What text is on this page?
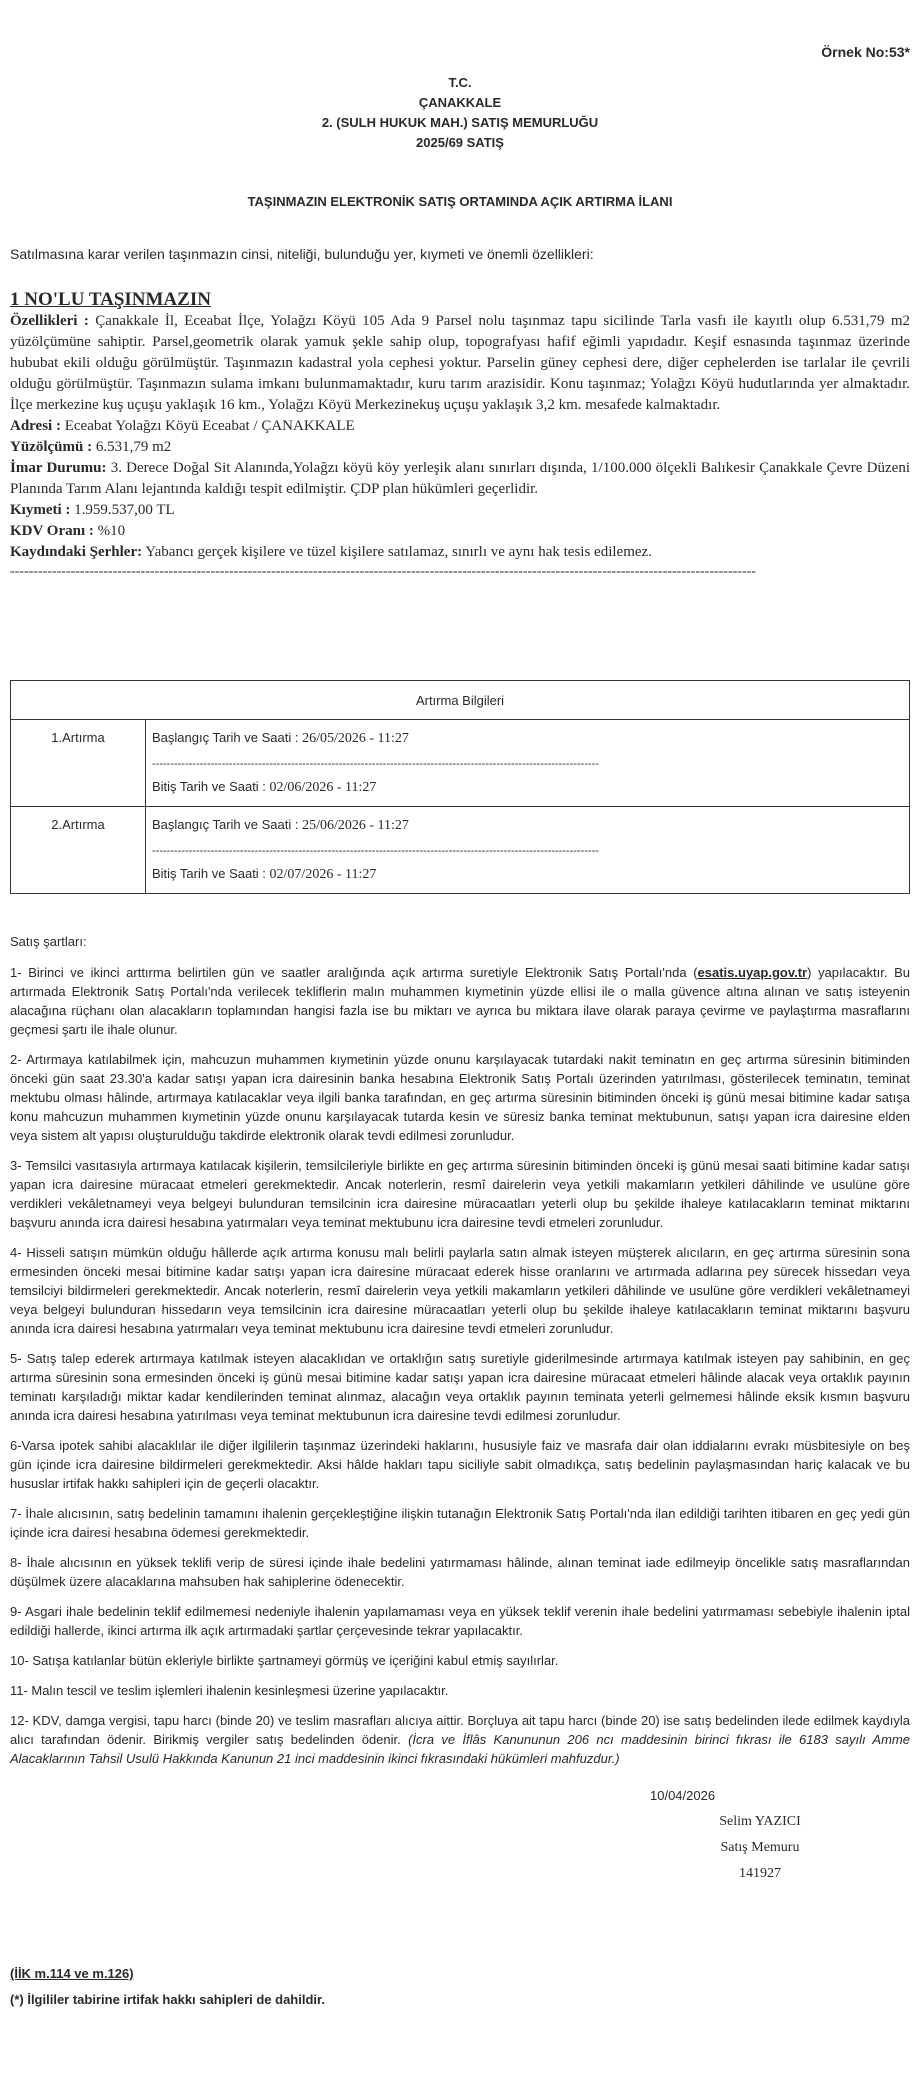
Örnek No:53*
T.C.
ÇANAKKALE
2. (SULH HUKUK MAH.) SATIŞ MEMURLUĞU
2025/69 SATIŞ
TAŞINMAZIN ELEKTRONİK SATIŞ ORTAMINDA AÇIK ARTIRMA İLANI
Satılmasına karar verilen taşınmazın cinsi, niteliği, bulunduğu yer, kıymeti ve önemli özellikleri:
1 NO'LU TAŞINMAZIN

Özellikleri : Çanakkale İl, Eceabat İlçe, Yolağzı Köyü 105 Ada 9 Parsel nolu taşınmaz tapu sicilinde Tarla vasfı ile kayıtlı olup 6.531,79 m2 yüzölçümüne sahiptir. Parsel,geometrik olarak yamuk şekle sahip olup, topografyası hafif eğimli yapıdadır. Keşif esnasında taşınmaz üzerinde hububat ekili olduğu görülmüştür. Taşınmazın kadastral yola cephesi yoktur. Parselin güney cephesi dere, diğer cephelerden ise tarlalar ile çevrili olduğu görülmüştür. Taşınmazın sulama imkanı bulunmamaktadır, kuru tarım arazisidir. Konu taşınmaz; Yolağzı Köyü hudutlarında yer almaktadır. İlçe merkezine kuş uçuşu yaklaşık 16 km., Yolağzı Köyü Merkezinekuş uçuşu yaklaşık 3,2 km. mesafede kalmaktadır.

Adresi : Eceabat Yolağzı Köyü Eceabat / ÇANAKKALE

Yüzölçümü : 6.531,79 m2

İmar Durumu: 3. Derece Doğal Sit Alanında,Yolağzı köyü köy yerleşik alanı sınırları dışında, 1/100.000 ölçekli Balıkesir Çanakkale Çevre Düzeni Planında Tarım Alanı lejantında kaldığı tespit edilmiştir. ÇDP plan hükümleri geçerlidir.

Kıymeti : 1.959.537,00 TL

KDV Oranı : %10

Kaydındaki Şerhler: Yabancı gerçek kişilere ve tüzel kişilere satılamaz, sınırlı ve aynı hak tesis edilemez.

----------------------------------------------------------------------------------------------------------------------------------------------------------------
Artırma Bilgileri	
1.Artırma	Başlangıç Tarih ve Saati : 26/05/2026 - 11:27
--------------------------------------------------------------------------------------------------------------------------
Bitiş Tarih ve Saati : 02/06/2026 - 11:27

2.Artırma	Başlangıç Tarih ve Saati : 25/06/2026 - 11:27
--------------------------------------------------------------------------------------------------------------------------
Bitiş Tarih ve Saati : 02/07/2026 - 11:27

Satış şartları:

1- Birinci ve ikinci arttırma belirtilen gün ve saatler aralığında açık artırma suretiyle Elektronik Satış Portalı'nda (esatis.uyap.gov.tr) yapılacaktır. Bu artırmada Elektronik Satış Portalı'nda verilecek tekliflerin malın muhammen kıymetinin yüzde ellisi ile o malla güvence altına alınan ve satış isteyenin alacağına rüçhanı olan alacakların toplamından hangisi fazla ise bu miktarı ve ayrıca bu miktara ilave olarak paraya çevirme ve paylaştırma masraflarını geçmesi şartı ile ihale olunur.

2- Artırmaya katılabilmek için, mahcuzun muhammen kıymetinin yüzde onunu karşılayacak tutardaki nakit teminatın en geç artırma süresinin bitiminden önceki gün saat 23.30'a kadar satışı yapan icra dairesinin banka hesabına Elektronik Satış Portalı üzerinden yatırılması, gösterilecek teminatın, teminat mektubu olması hâlinde, artırmaya katılacaklar veya ilgili banka tarafından, en geç artırma süresinin bitiminden önceki iş günü mesai bitimine kadar satışa konu mahcuzun muhammen kıymetinin yüzde onunu karşılayacak tutarda kesin ve süresiz banka teminat mektubunun, satışı yapan icra dairesine elden veya sistem alt yapısı oluşturulduğu takdirde elektronik olarak tevdi edilmesi zorunludur.

3- Temsilci vasıtasıyla artırmaya katılacak kişilerin, temsilcileriyle birlikte en geç artırma süresinin bitiminden önceki iş günü mesai saati bitimine kadar satışı yapan icra dairesine müracaat etmeleri gerekmektedir. Ancak noterlerin, resmî dairelerin veya yetkili makamların yetkileri dâhilinde ve usulüne göre verdikleri vekâletnameyi veya belgeyi bulunduran temsilcinin icra dairesine müracaatları yeterli olup bu şekilde ihaleye katılacakların teminat miktarını başvuru anında icra dairesi hesabına yatırmaları veya teminat mektubunu icra dairesine tevdi etmeleri zorunludur.

4- Hisseli satışın mümkün olduğu hâllerde açık artırma konusu malı belirli paylarla satın almak isteyen müşterek alıcıların, en geç artırma süresinin sona ermesinden önceki mesai bitimine kadar satışı yapan icra dairesine müracaat ederek hisse oranlarını ve artırmada adlarına pey sürecek hissedarı veya temsilciyi bildirmeleri gerekmektedir. Ancak noterlerin, resmî dairelerin veya yetkili makamların yetkileri dâhilinde ve usulüne göre verdikleri vekâletnameyi veya belgeyi bulunduran hissedarın veya temsilcinin icra dairesine müracaatları yeterli olup bu şekilde ihaleye katılacakların teminat miktarını başvuru anında icra dairesi hesabına yatırmaları veya teminat mektubunu icra dairesine tevdi etmeleri zorunludur.

5- Satış talep ederek artırmaya katılmak isteyen alacaklıdan ve ortaklığın satış suretiyle giderilmesinde artırmaya katılmak isteyen pay sahibinin, en geç artırma süresinin sona ermesinden önceki iş günü mesai bitimine kadar satışı yapan icra dairesine müracaat etmeleri hâlinde alacak veya ortaklık payının teminatı karşıladığı miktar kadar kendilerinden teminat alınmaz, alacağın veya ortaklık payının teminata yeterli gelmemesi hâlinde eksik kısmın başvuru anında icra dairesi hesabına yatırılması veya teminat mektubunun icra dairesine tevdi edilmesi zorunludur.

6-Varsa ipotek sahibi alacaklılar ile diğer ilgililerin taşınmaz üzerindeki haklarını, hususiyle faiz ve masrafa dair olan iddialarını evrakı müsbitesiyle on beş gün içinde icra dairesine bildirmeleri gerekmektedir. Aksi hâlde hakları tapu siciliyle sabit olmadıkça, satış bedelinin paylaşmasından hariç kalacak ve bu hususlar irtifak hakkı sahipleri için de geçerli olacaktır.

7- İhale alıcısının, satış bedelinin tamamını ihalenin gerçekleştiğine ilişkin tutanağın Elektronik Satış Portalı'nda ilan edildiği tarihten itibaren en geç yedi gün içinde icra dairesi hesabına ödemesi gerekmektedir.

8- İhale alıcısının en yüksek teklifi verip de süresi içinde ihale bedelini yatırmaması hâlinde, alınan teminat iade edilmeyip öncelikle satış masraflarından düşülmek üzere alacaklarına mahsuben hak sahiplerine ödenecektir.

9- Asgari ihale bedelinin teklif edilmemesi nedeniyle ihalenin yapılamaması veya en yüksek teklif verenin ihale bedelini yatırmaması sebebiyle ihalenin iptal edildiği hallerde, ikinci artırma ilk açık artırmadaki şartlar çerçevesinde tekrar yapılacaktır.

10- Satışa katılanlar bütün ekleriyle birlikte şartnameyi görmüş ve içeriğini kabul etmiş sayılırlar.

11- Malın tescil ve teslim işlemleri ihalenin kesinleşmesi üzerine yapılacaktır.

12- KDV, damga vergisi, tapu harcı (binde 20) ve teslim masrafları alıcıya aittir. Borçluya ait tapu harcı (binde 20) ise satış bedelinden ilede edilmek kaydıyla alıcı tarafından ödenir. Birikmiş vergiler satış bedelinden ödenir. (İcra ve İflâs Kanununun 206 ncı maddesinin birinci fıkrası ile 6183 sayılı Amme Alacaklarının Tahsil Usulü Hakkında Kanunun 21 inci maddesinin ikinci fıkrasındaki hükümleri mahfuzdur.)

10/04/2026
Selim YAZICI
Satış Memuru
141927
(İİK m.114 ve m.126)
(*) İlgililer tabirine irtifak hakkı sahipleri de dahildir.
